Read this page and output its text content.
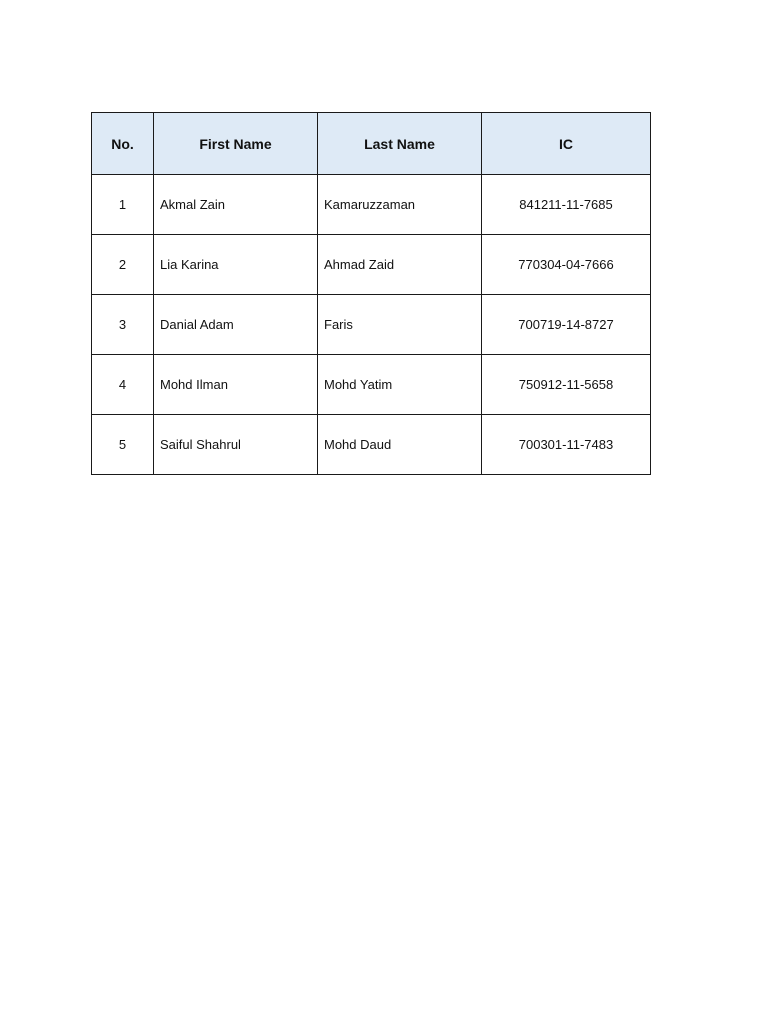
No.	First Name	Last Name	IC
1	Akmal Zain	Kamaruzzaman	841211-11-7685
2	Lia Karina	Ahmad Zaid	770304-04-7666
3	Danial Adam	Faris	700719-14-8727
4	Mohd Ilman	Mohd Yatim	750912-11-5658
5	Saiful Shahrul	Mohd Daud	700301-11-7483
